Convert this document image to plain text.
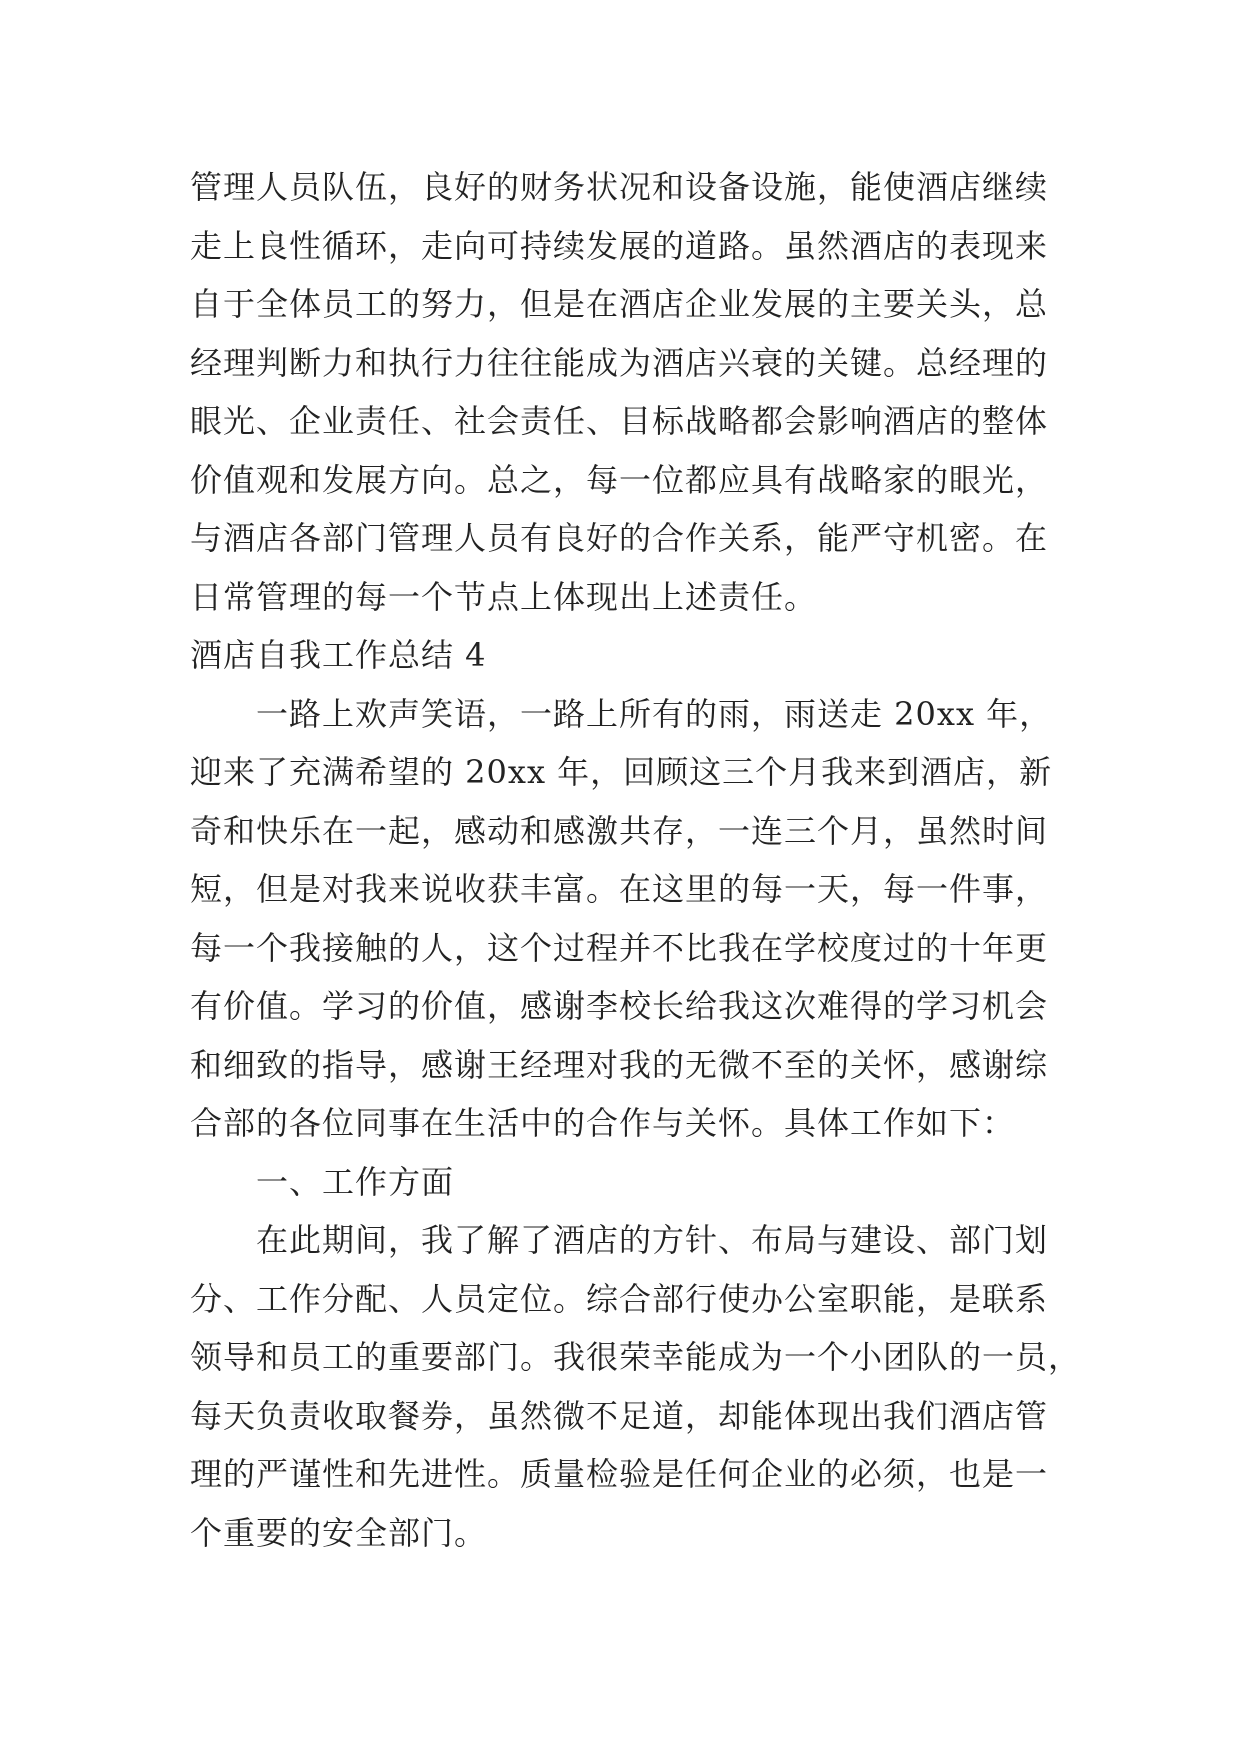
管理人员队伍，良好的财务状况和设备设施，能使酒店继续
走上良性循环，走向可持续发展的道路。虽然酒店的表现来
自于全体员工的努力，但是在酒店企业发展的主要关头，总
经理判断力和执行力往往能成为酒店兴衰的关键。总经理的
眼光、企业责任、社会责任、目标战略都会影响酒店的整体
价值观和发展方向。总之，每一位都应具有战略家的眼光，
与酒店各部门管理人员有良好的合作关系，能严守机密。在
日常管理的每一个节点上体现出上述责任。
酒店自我工作总结 4
一路上欢声笑语，一路上所有的雨，雨送走 20xx 年，
迎来了充满希望的 20xx 年，回顾这三个月我来到酒店，新
奇和快乐在一起，感动和感激共存，一连三个月，虽然时间
短，但是对我来说收获丰富。在这里的每一天，每一件事，
每一个我接触的人，这个过程并不比我在学校度过的十年更
有价值。学习的价值，感谢李校长给我这次难得的学习机会
和细致的指导，感谢王经理对我的无微不至的关怀，感谢综
合部的各位同事在生活中的合作与关怀。具体工作如下：
一、工作方面
在此期间，我了解了酒店的方针、布局与建设、部门划
分、工作分配、人员定位。综合部行使办公室职能，是联系
领导和员工的重要部门。我很荣幸能成为一个小团队的一员，
每天负责收取餐券，虽然微不足道，却能体现出我们酒店管
理的严谨性和先进性。质量检验是任何企业的必须，也是一
个重要的安全部门。
